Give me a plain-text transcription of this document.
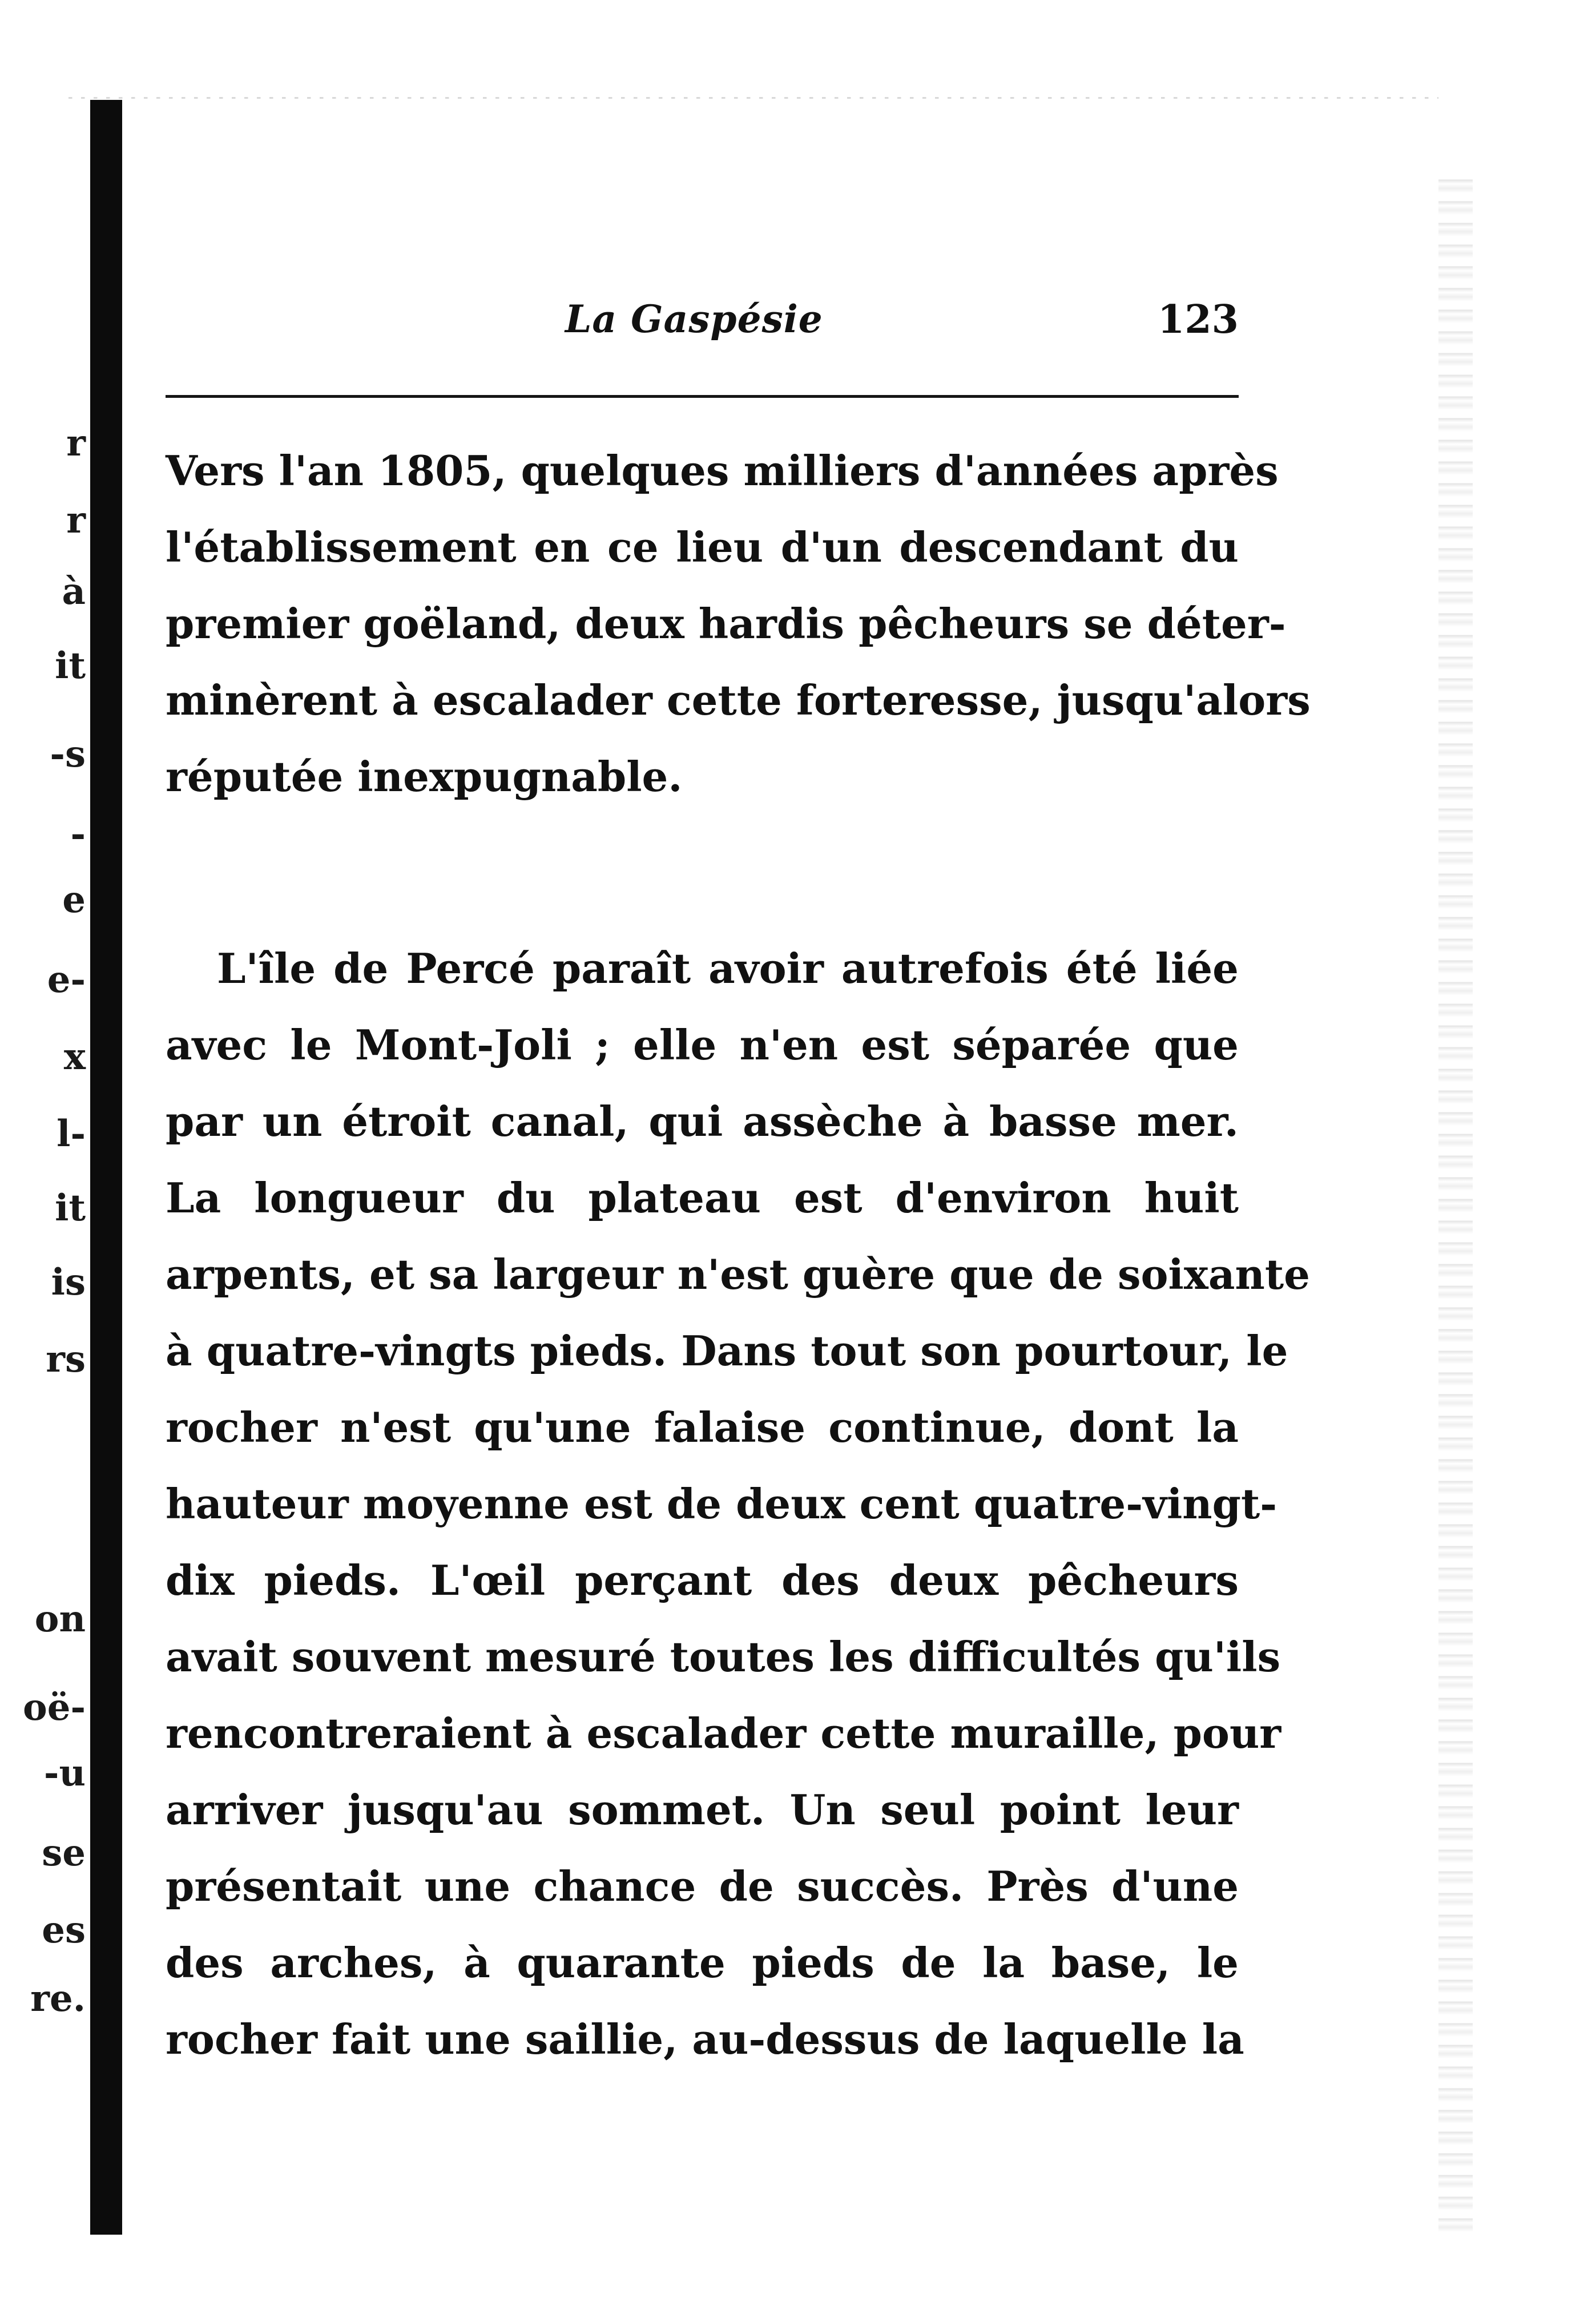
r
r
à
it
-s
-
e
e-
x
l-
it
is
rs
on
oë-
-u
se
es
re.
La Gaspésie	123
Vers l'an 1805, quelques milliers d'années après
l'établissement en ce lieu d'un descendant du
premier goëland, deux hardis pêcheurs se déter-
minèrent à escalader cette forteresse, jusqu'alors
réputée inexpugnable.
L'île de Percé paraît avoir autrefois été liée
avec le Mont-Joli ; elle n'en est séparée que
par un étroit canal, qui assèche à basse mer.
La longueur du plateau est d'environ huit
arpents, et sa largeur n'est guère que de soixante
à quatre-vingts pieds. Dans tout son pourtour, le
rocher n'est qu'une falaise continue, dont la
hauteur moyenne est de deux cent quatre-vingt-
dix pieds. L'œil perçant des deux pêcheurs
avait souvent mesuré toutes les difficultés qu'ils
rencontreraient à escalader cette muraille, pour
arriver jusqu'au sommet. Un seul point leur
présentait une chance de succès. Près d'une
des arches, à quarante pieds de la base, le
rocher fait une saillie, au-dessus de laquelle la
